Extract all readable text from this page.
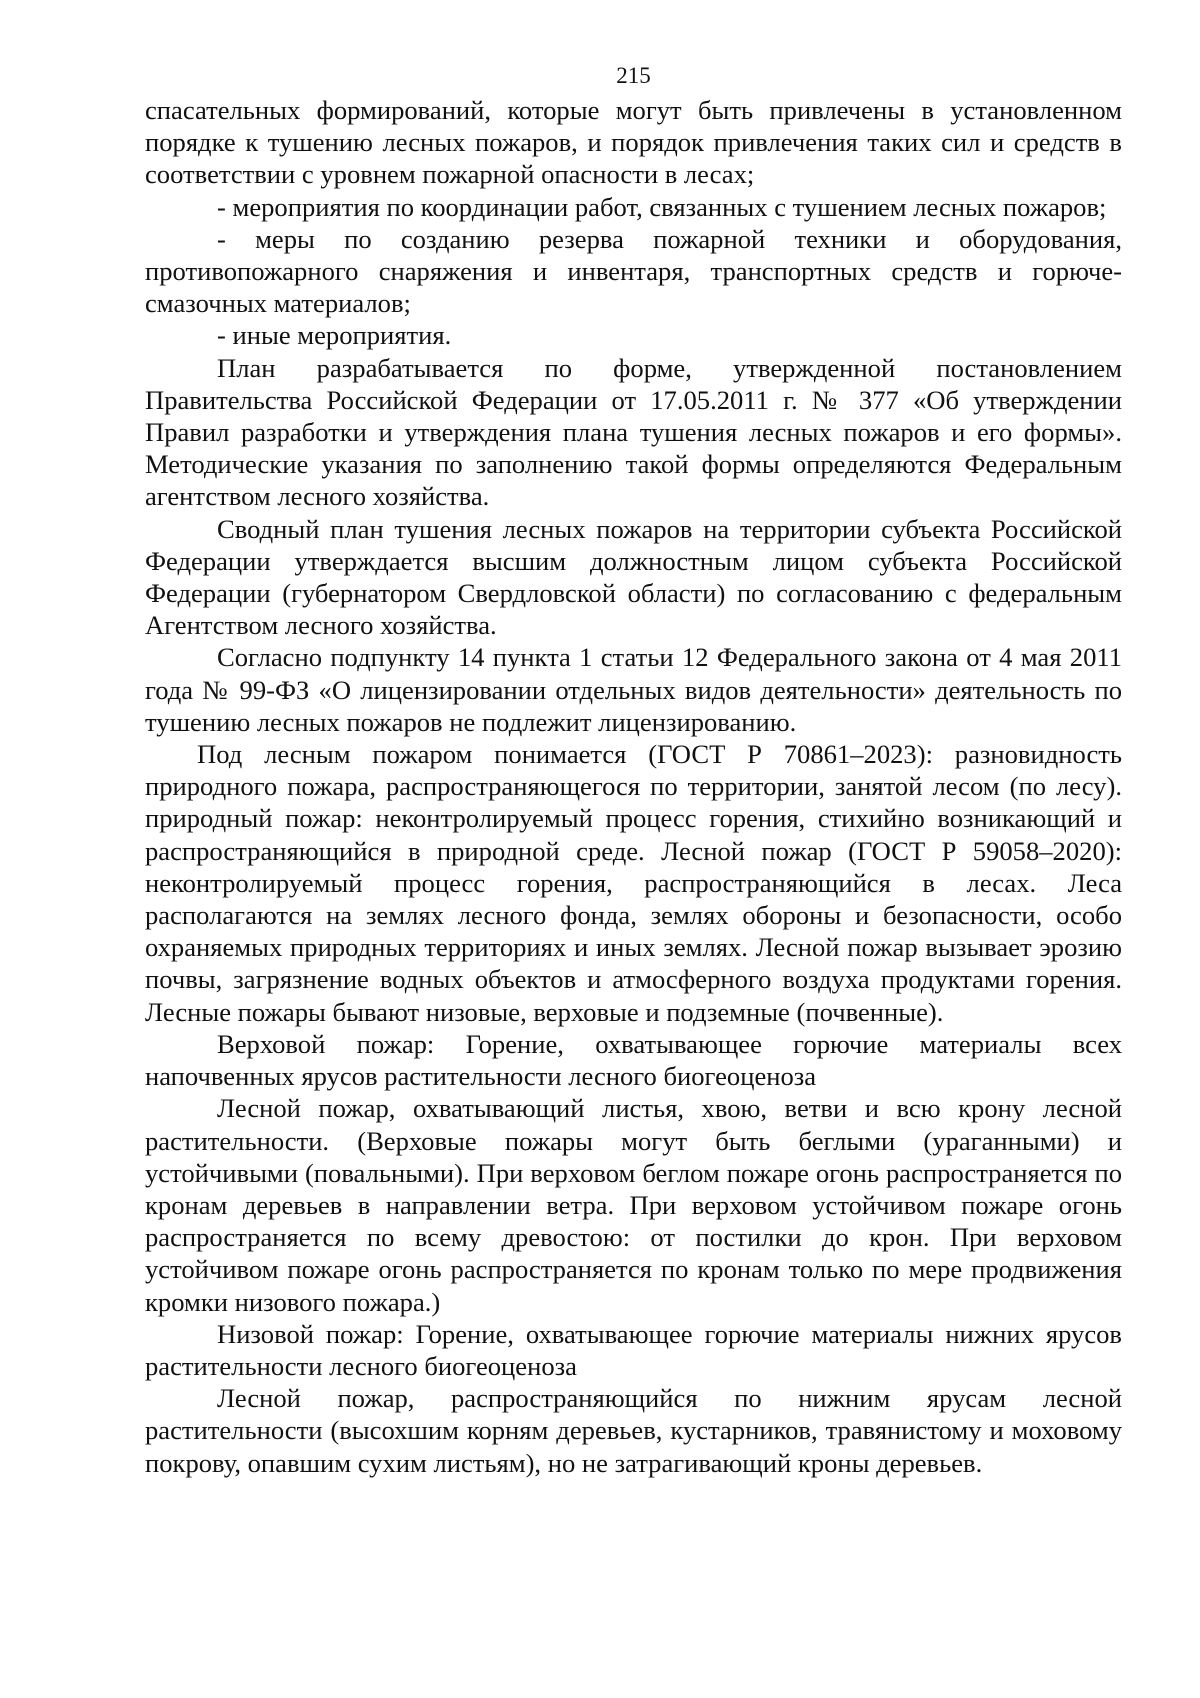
215

спасательных формирований, которые могут быть привлечены в установленном порядке к тушению лесных пожаров, и порядок привлечения таких сил и средств в соответствии с уровнем пожарной опасности в лесах;

- мероприятия по координации работ, связанных с тушением лесных пожаров;

- меры по созданию резерва пожарной техники и оборудования, противопожарного снаряжения и инвентаря, транспортных средств и горюче-смазочных материалов;

- иные мероприятия.

План разрабатывается по форме, утвержденной постановлением Правительства Российской Федерации от 17.05.2011 г. № 377 «Об утверждении Правил разработки и утверждения плана тушения лесных пожаров и его формы». Методические указания по заполнению такой формы определяются Федеральным агентством лесного хозяйства.

Сводный план тушения лесных пожаров на территории субъекта Российской Федерации утверждается высшим должностным лицом субъекта Российской Федерации (губернатором Свердловской области) по согласованию с федеральным Агентством лесного хозяйства.

Согласно подпункту 14 пункта 1 статьи 12 Федерального закона от 4 мая 2011 года № 99-ФЗ «О лицензировании отдельных видов деятельности» деятельность по тушению лесных пожаров не подлежит лицензированию.

Под лесным пожаром понимается (ГОСТ Р 70861–2023): разновидность природного пожара, распространяющегося по территории, занятой лесом (по лесу). природный пожар: неконтролируемый процесс горения, стихийно возникающий и распространяющийся в природной среде. Лесной пожар (ГОСТ Р 59058–2020): неконтролируемый процесс горения, распространяющийся в лесах. Леса располагаются на землях лесного фонда, землях обороны и безопасности, особо охраняемых природных территориях и иных землях. Лесной пожар вызывает эрозию почвы, загрязнение водных объектов и атмосферного воздуха продуктами горения. Лесные пожары бывают низовые, верховые и подземные (почвенные).

Верховой пожар: Горение, охватывающее горючие материалы всех напочвенных ярусов растительности лесного биогеоценоза

Лесной пожар, охватывающий листья, хвою, ветви и всю крону лесной растительности. (Верховые пожары могут быть беглыми (ураганными) и устойчивыми (повальными). При верховом беглом пожаре огонь распространяется по кронам деревьев в направлении ветра. При верховом устойчивом пожаре огонь распространяется по всему древостою: от постилки до крон. При верховом устойчивом пожаре огонь распространяется по кронам только по мере продвижения кромки низового пожара.)

Низовой пожар: Горение, охватывающее горючие материалы нижних ярусов растительности лесного биогеоценоза

Лесной пожар, распространяющийся по нижним ярусам лесной растительности (высохшим корням деревьев, кустарников, травянистому и моховому покрову, опавшим сухим листьям), но не затрагивающий кроны деревьев.
